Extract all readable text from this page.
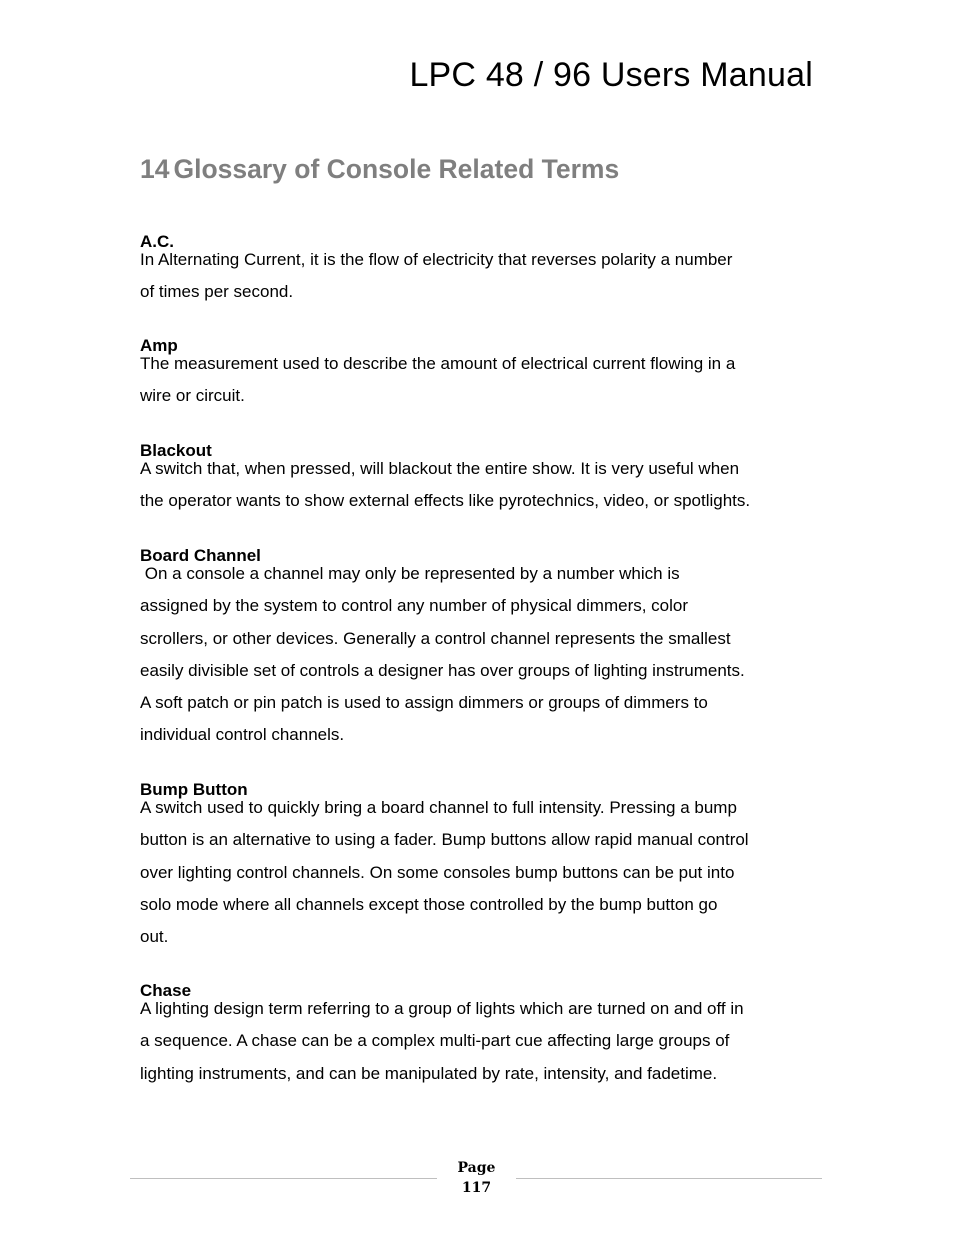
LPC 48 / 96 Users Manual
14 Glossary of Console Related Terms
A.C.
In Alternating Current, it is the flow of electricity that reverses polarity a number
of times per second.
Amp
The measurement used to describe the amount of electrical current flowing in a
wire or circuit.
Blackout
A switch that, when pressed, will blackout the entire show. It is very useful when
the operator wants to show external effects like pyrotechnics, video, or spotlights.
Board Channel
On a console a channel may only be represented by a number which is
assigned by the system to control any number of physical dimmers, color
scrollers, or other devices. Generally a control channel represents the smallest
easily divisible set of controls a designer has over groups of lighting instruments.
A soft patch or pin patch is used to assign dimmers or groups of dimmers to
individual control channels.
Bump Button
A switch used to quickly bring a board channel to full intensity. Pressing a bump
button is an alternative to using a fader. Bump buttons allow rapid manual control
over lighting control channels. On some consoles bump buttons can be put into
solo mode where all channels except those controlled by the bump button go
out.
Chase
A lighting design term referring to a group of lights which are turned on and off in
a sequence. A chase can be a complex multi-part cue affecting large groups of
lighting instruments, and can be manipulated by rate, intensity, and fadetime.
Page
117
